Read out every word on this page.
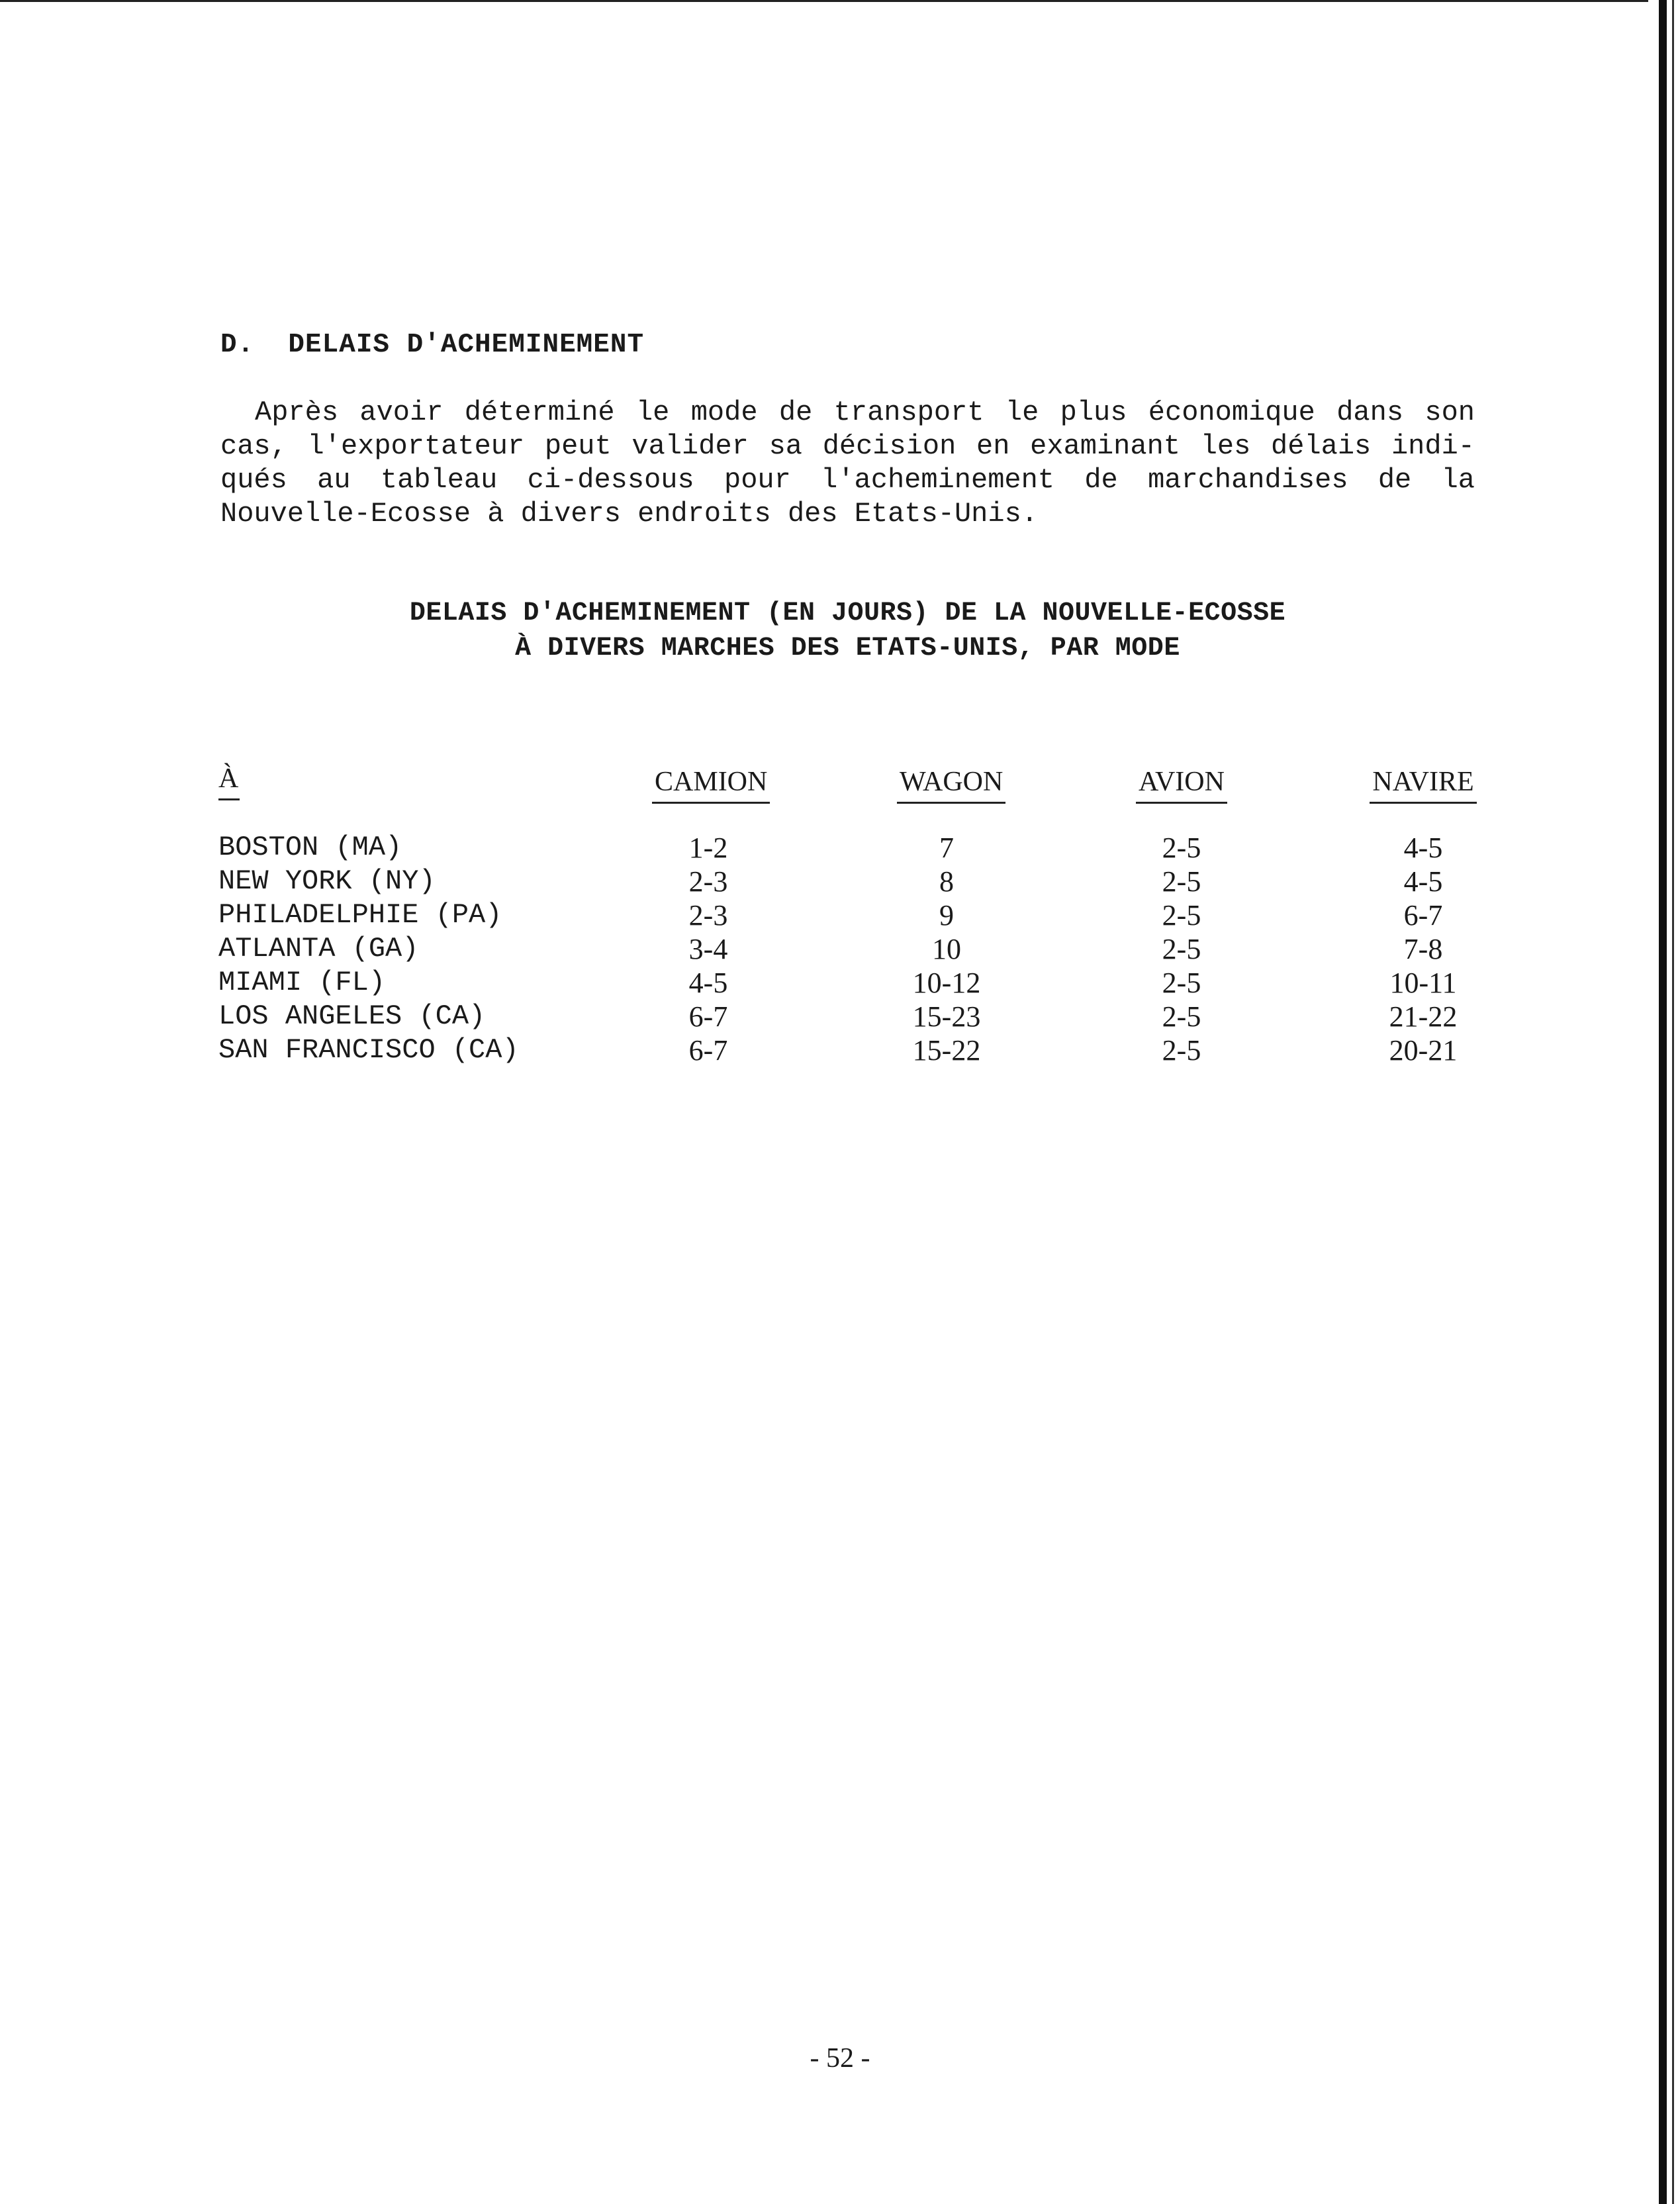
D.  DELAIS D'ACHEMINEMENT
Après avoir déterminé le mode de transport le plus économique dans son
cas, l'exportateur peut valider sa décision en examinant les délais indi-
qués au tableau ci-dessous pour l'acheminement de marchandises de la
Nouvelle-Ecosse à divers endroits des Etats-Unis.
DELAIS D'ACHEMINEMENT (EN JOURS) DE LA NOUVELLE-ECOSSE
À DIVERS MARCHES DES ETATS-UNIS, PAR MODE
À	CAMION	WAGON	AVION	NAVIRE
BOSTON (MA)	1-2	7	2-5	4-5
NEW YORK (NY)	2-3	8	2-5	4-5
PHILADELPHIE (PA)	2-3	9	2-5	6-7
ATLANTA (GA)	3-4	10	2-5	7-8
MIAMI (FL)	4-5	10-12	2-5	10-11
LOS ANGELES (CA)	6-7	15-23	2-5	21-22
SAN FRANCISCO (CA)	6-7	15-22	2-5	20-21
- 52 -
